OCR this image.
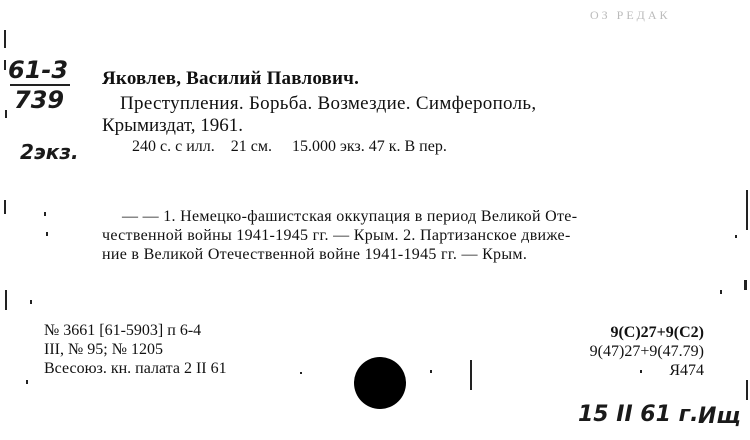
ОЗ РЕДАК
61-3
739
2экз.
Яковлев, Василий Павлович.
Преступления. Борьба. Возмездие. Симферополь,
Крымиздат, 1961.
240 с. с илл.    21 см.     15.000 экз. 47 к. В пер.
— — 1. Немецко-фашистская оккупация в период Великой Оте-
чественной войны 1941-1945 гг. — Крым. 2. Партизанское движе-
ние в Великой Отечественной войне 1941-1945 гг. — Крым.
№ 3661 [61-5903] п 6-4
III, № 95; № 1205
Всесоюз. кн. палата 2 II 61
9(С)27+9(С2)
9(47)27+9(47.79)
Я474
15 II 61 г. Ищ
